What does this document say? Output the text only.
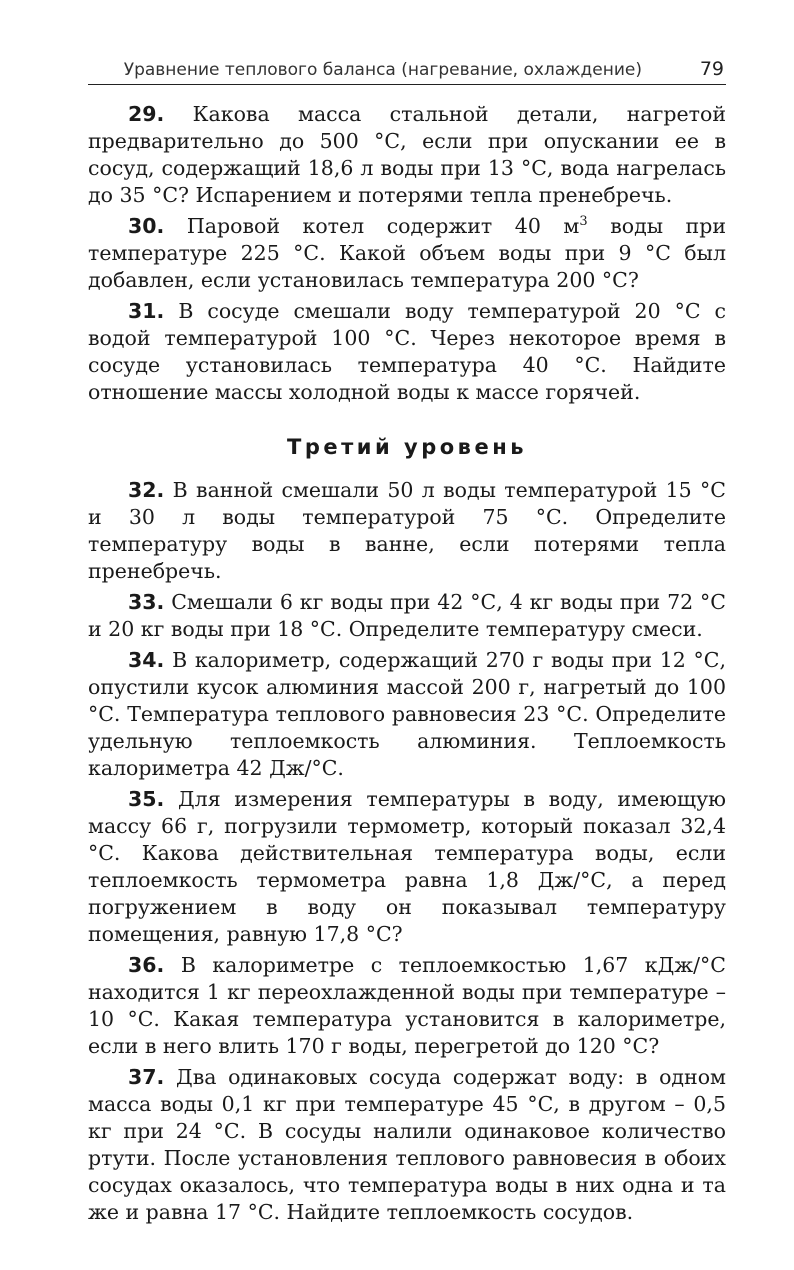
Уравнение теплового баланса (нагревание, охлаждение)	79

29. Какова масса стальной детали, нагретой предварительно до 500 °С, если при опускании ее в сосуд, содержащий 18,6 л воды при 13 °С, вода нагрелась до 35 °С? Испарением и потерями тепла пренебречь.

30. Паровой котел содержит 40 $м^3$ воды при температуре 225 °С. Какой объем воды при 9 °С был добавлен, если установилась температура 200 °С?

31. В сосуде смешали воду температурой 20 °С с водой температурой 100 °С. Через некоторое время в сосуде установилась температура 40 °С. Найдите отношение массы холодной воды к массе горячей.

Третий уровень

32. В ванной смешали 50 л воды температурой 15 °С и 30 л воды температурой 75 °С. Определите температуру воды в ванне, если потерями тепла пренебречь.

33. Смешали 6 кг воды при 42 °С, 4 кг воды при 72 °С и 20 кг воды при 18 °С. Определите температуру смеси.

34. В калориметр, содержащий 270 г воды при 12 °С, опустили кусок алюминия массой 200 г, нагретый до 100 °С. Температура теплового равновесия 23 °С. Определите удельную теплоемкость алюминия. Теплоемкость калориметра 42 Дж/°С.

35. Для измерения температуры в воду, имеющую массу 66 г, погрузили термометр, который показал 32,4 °С. Какова действительная температура воды, если теплоемкость термометра равна 1,8 Дж/°С, а перед погружением в воду он показывал температуру помещения, равную 17,8 °С?

36. В калориметре с теплоемкостью 1,67 кДж/°С находится 1 кг переохлажденной воды при температуре –10 °С. Какая температура установится в калориметре, если в него влить 170 г воды, перегретой до 120 °С?

37. Два одинаковых сосуда содержат воду: в одном масса воды 0,1 кг при температуре 45 °С, в другом – 0,5 кг при 24 °С. В сосуды налили одинаковое количество ртути. После установления теплового равновесия в обоих сосудах оказалось, что температура воды в них одна и та же и равна 17 °С. Найдите теплоемкость сосудов.
